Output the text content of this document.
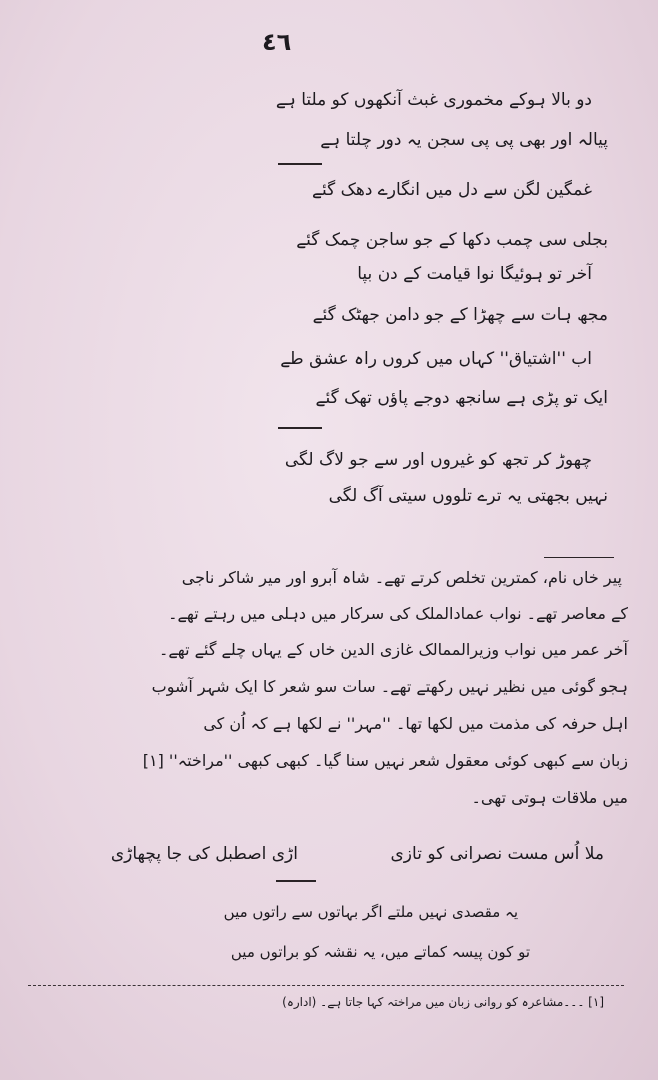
٤٦
دو بالا ہوکے مخموری غبث آنکھوں کو ملتا ہے
پیالہ اور بھی پی پی سجن یہ دور چلتا ہے
غمگین لگن سے دل میں انگارے دھک گئے
بجلی سی چمب دکھا کے جو ساجن چمک گئے
آخر تو ہوئیگا نوا قیامت کے دن بپا
مجھ ہات سے چھڑا کے جو دامن جھٹک گئے
اب ''اشتیاق'' کہاں میں کروں راہ عشق طے
ایک تو پڑی ہے سانجھ دوجے پاؤں تھک گئے
چھوڑ کر تجھ کو غیروں اور سے جو لاگ لگی
نہیں بجھتی یہ ترے تلووں سیتی آگ لگی
پیر خاں نام، کمترین تخلص کرتے تھے۔ شاہ آبرو اور میر شاکر ناجی
کے معاصر تھے۔ نواب عمادالملک کی سرکار میں دہلی میں رہتے تھے۔
آخر عمر میں نواب وزیرالممالک غازی الدین خاں کے یہاں چلے گئے تھے۔
ہجو گوئی میں نظیر نہیں رکھتے تھے۔ سات سو شعر کا ایک شہر آشوب
اہل حرفہ کی مذمت میں لکھا تھا۔ ''مہر'' نے لکھا ہے کہ اُن کی
زبان سے کبھی کوئی معقول شعر نہیں سنا گیا۔ کبھی کبھی ''مراختہ'' [۱]
میں ملاقات ہوتی تھی۔
ملا اُس مست نصرانی کو تازی
اڑی اصطبل کی جا پچھاڑی
یہ مقصدی نہیں ملتے اگر بہاتوں سے راتوں میں
تو کون پیسہ کماتے میں، یہ نقشہ کو براتوں میں
[۱] ۔۔۔مشاعرہ کو روانی زبان میں مراختہ کہا جاتا ہے۔ (ادارہ)
